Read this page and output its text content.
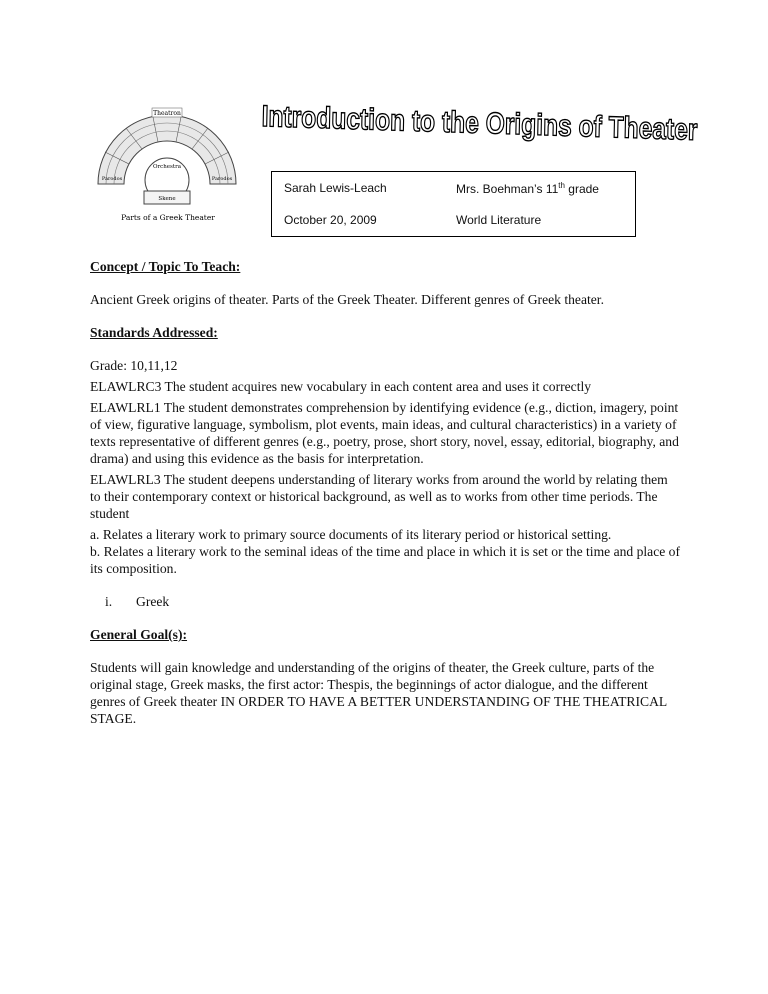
Theatron
Orchestra
Parodos	Parodos
Skene
Parts of a Greek Theater
Introduction to the Origins of Theater
Sarah Lewis-Leach	Mrs. Boehman’s 11th grade
October 20, 2009	World Literature

Concept / Topic To Teach:

Ancient Greek origins of theater. Parts of the Greek Theater. Different genres of Greek theater.

Standards Addressed:

Grade: 10,11,12

ELAWLRC3 The student acquires new vocabulary in each content area and uses it correctly

ELAWLRL1 The student demonstrates comprehension by identifying evidence (e.g., diction, imagery, point of view, figurative language, symbolism, plot events, main ideas, and cultural characteristics) in a variety of texts representative of different genres (e.g., poetry, prose, short story, novel, essay, editorial, biography, and drama) and using this evidence as the basis for interpretation.

ELAWLRL3 The student deepens understanding of literary works from around the world by relating them to their contemporary context or historical background, as well as to works from other time periods. The student

a. Relates a literary work to primary source documents of its literary period or historical setting.

b. Relates a literary work to the seminal ideas of the time and place in which it is set or the time and place of its composition.

i. Greek

General Goal(s):

Students will gain knowledge and understanding of the origins of theater, the Greek culture, parts of the original stage, Greek masks, the first actor: Thespis, the beginnings of actor dialogue, and the different genres of Greek theater IN ORDER TO HAVE A BETTER UNDERSTANDING OF THE THEATRICAL STAGE.
